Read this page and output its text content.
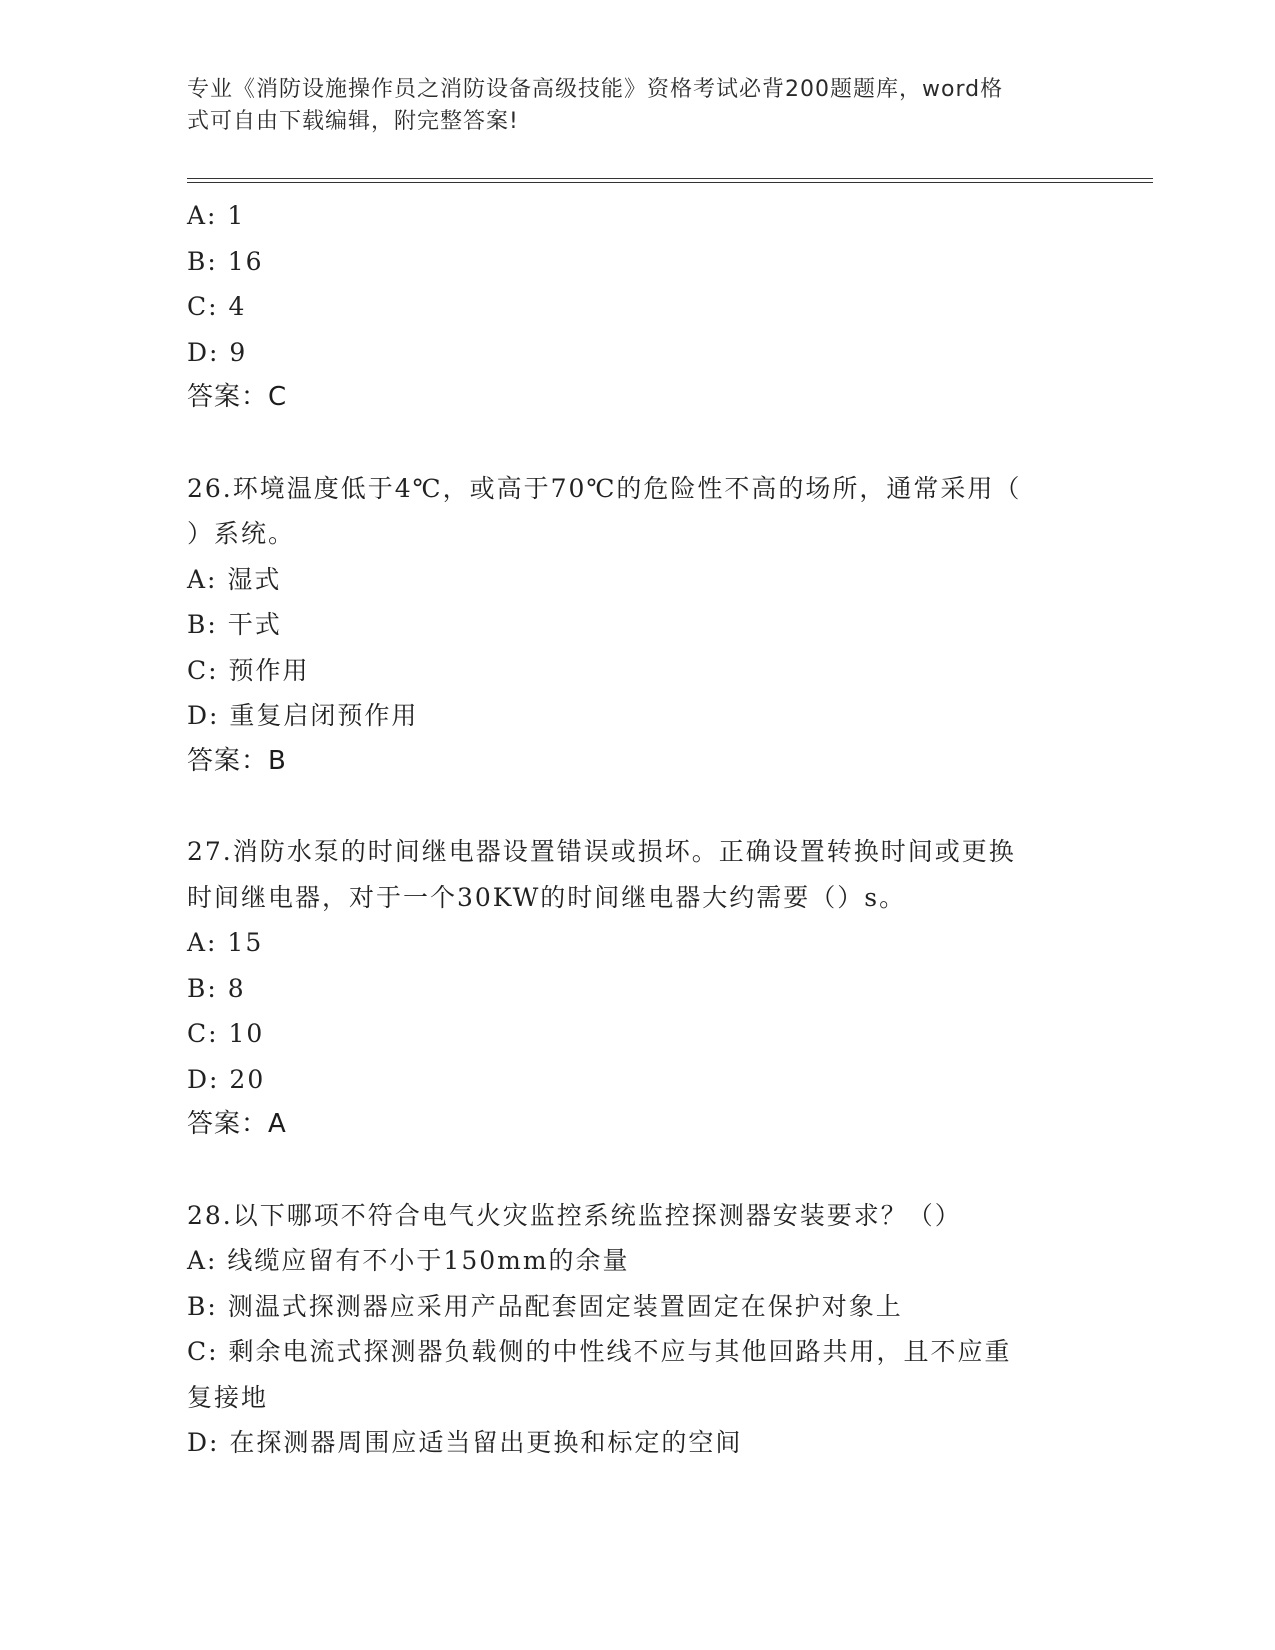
专业《消防设施操作员之消防设备高级技能》资格考试必背200题题库，word格
式可自由下载编辑，附完整答案!
A: 1
B: 16
C: 4
D: 9
答案：C
26.环境温度低于4℃，或高于70℃的危险性不高的场所，通常采用（
）系统。
A: 湿式
B: 干式
C: 预作用
D: 重复启闭预作用
答案：B
27.消防水泵的时间继电器设置错误或损坏。正确设置转换时间或更换
时间继电器，对于一个30KW的时间继电器大约需要（）s。
A: 15
B: 8
C: 10
D: 20
答案：A
28.以下哪项不符合电气火灾监控系统监控探测器安装要求？（）
A: 线缆应留有不小于150mm的余量
B: 测温式探测器应采用产品配套固定装置固定在保护对象上
C: 剩余电流式探测器负载侧的中性线不应与其他回路共用，且不应重
复接地
D: 在探测器周围应适当留出更换和标定的空间
